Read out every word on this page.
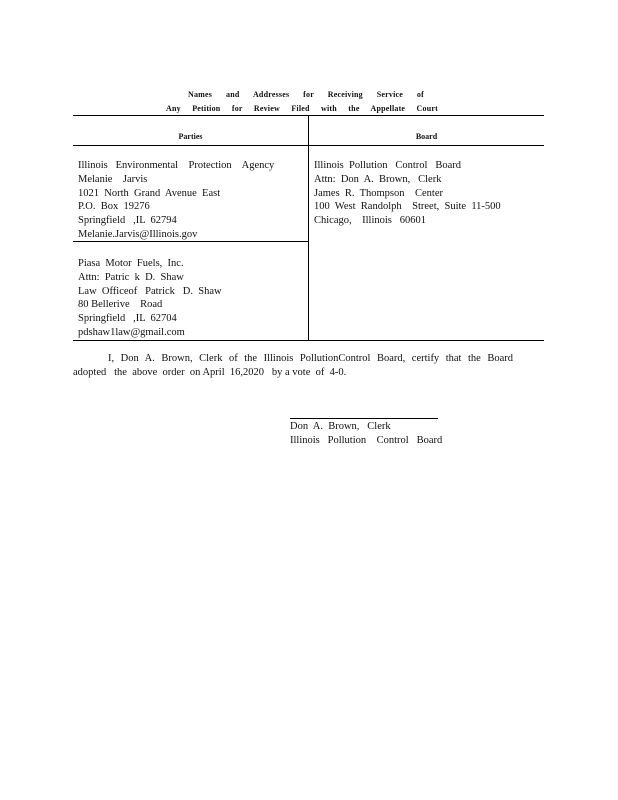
Names and Addresses for Receiving Service of
Any Petition for Review Filed with the Appellate Court
Parties	Board
Illinois   Environmental    Protection    Agency
Melanie    Jarvis
1021  North  Grand  Avenue  East
P.O.  Box  19276
Springfield   ,IL  62794
Melanie.Jarvis@Illinois.gov
Piasa  Motor  Fuels,  Inc.
Attn:  Patric  k  D.  Shaw
Law  Officeof   Patrick   D.  Shaw
80 Bellerive    Road
Springfield   ,IL  62704
pdshaw1law@gmail.com
Illinois  Pollution   Control   Board
Attn:  Don  A.  Brown,   Clerk
James  R.  Thompson    Center
100  West  Randolph    Street,  Suite  11-500
Chicago,    Illinois   60601
I, Don A. Brown, Clerk of the Illinois PollutionControl Board, certify that the Board
adopted   the  above  order  on April  16,2020   by a vote  of  4-0.
Don  A.  Brown,   Clerk
Illinois   Pollution    Control   Board
